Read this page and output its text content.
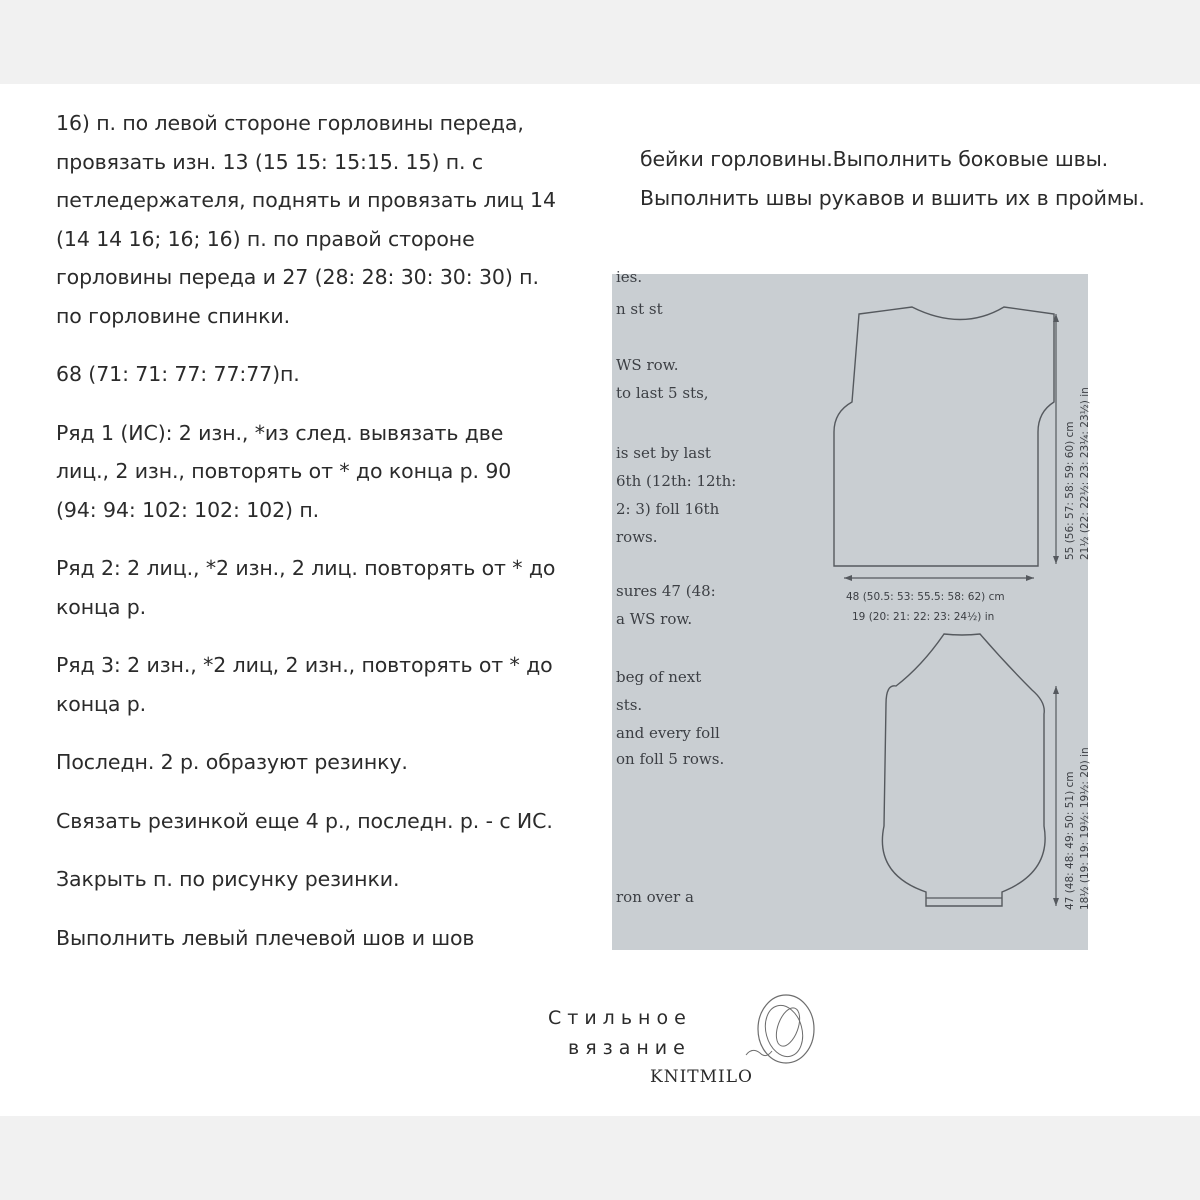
16) п. по левой стороне горловины переда, провязать изн. 13 (15 15: 15:15. 15) п. с петледержателя, поднять и провязать лиц 14 (14 14 16; 16; 16) п. по правой стороне горловины переда и 27 (28: 28: 30: 30: 30) п. по горловине спинки.

68 (71: 71: 77: 77:77)п.

Ряд 1 (ИС): 2 изн., *из след. вывязать две лиц., 2 изн., повторять от * до конца р. 90 (94: 94: 102: 102: 102) п.

Ряд 2: 2 лиц., *2 изн., 2 лиц. повторять от * до конца р.

Ряд 3: 2 изн., *2 лиц, 2 изн., повторять от * до конца р.

Последн. 2 р. образуют резинку.

Связать резинкой еще 4 р., последн. р. - с ИС.

Закрыть п. по рисунку резинки.

Выполнить левый плечевой шов и шов

бейки горловины.Выполнить боковые швы. Выполнить швы рукавов и вшить их в проймы.
ies.
n st st
WS row.
to last 5 sts,
is set by last
6th (12th: 12th:
2: 3) foll 16th
rows.
sures 47 (48:
a WS row.
beg of next
sts.
and every foll
on foll 5 rows.
ron over a
48 (50.5: 53: 55.5: 58: 62) cm
19 (20: 21: 22: 23: 24½) in
55 (56: 57: 58: 59: 60) cm 21½ (22: 22½: 23: 23¼: 23½) in
47 (48: 48: 49: 50: 51) cm 18½ (19: 19: 19½: 19½: 20) in
Стильное
вязание
KNITMILO
